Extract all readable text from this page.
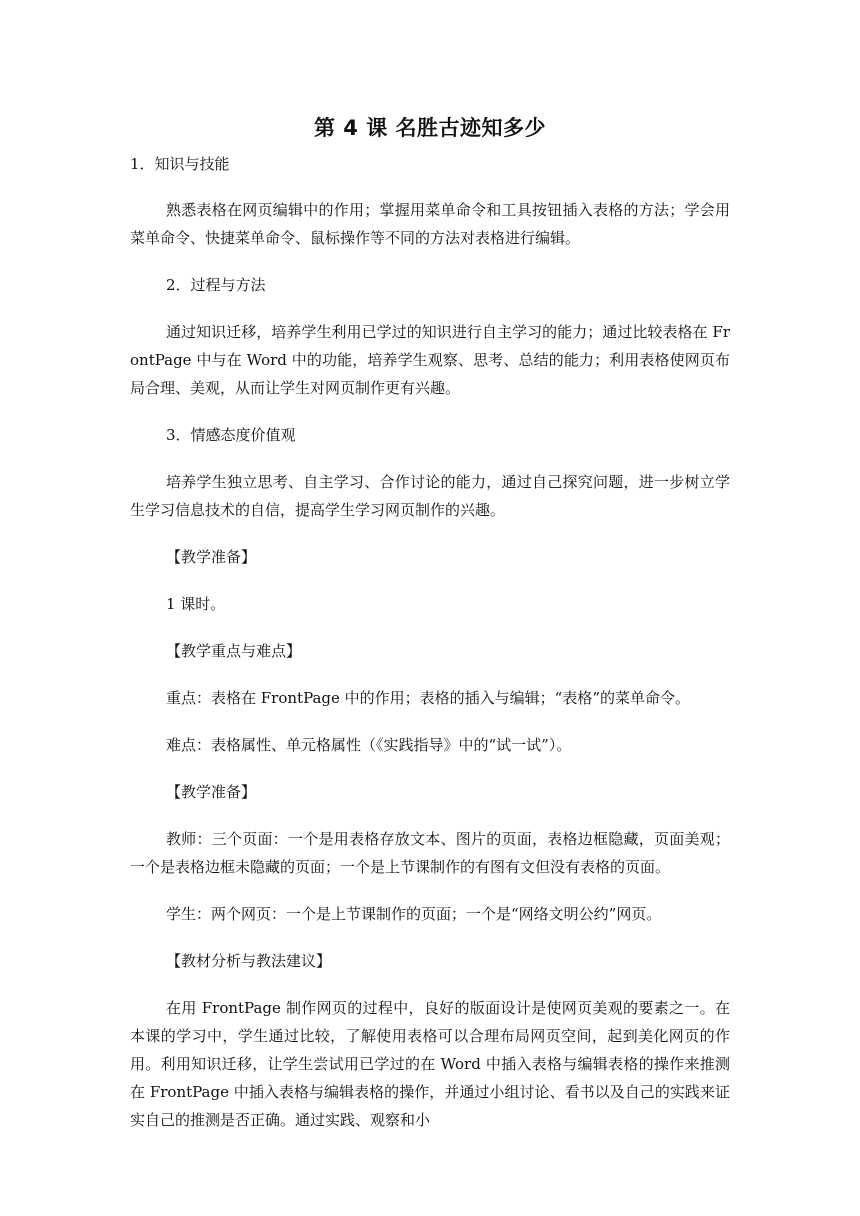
第 4 课 名胜古迹知多少

1．知识与技能

熟悉表格在网页编辑中的作用；掌握用菜单命令和工具按钮插入表格的方法；学会用菜单命令、快捷菜单命令、鼠标操作等不同的方法对表格进行编辑。

2．过程与方法

通过知识迁移，培养学生利用已学过的知识进行自主学习的能力；通过比较表格在 FrontPage 中与在 Word 中的功能，培养学生观察、思考、总结的能力；利用表格使网页布局合理、美观，从而让学生对网页制作更有兴趣。

3．情感态度价值观

培养学生独立思考、自主学习、合作讨论的能力，通过自己探究问题，进一步树立学生学习信息技术的自信，提高学生学习网页制作的兴趣。

【教学准备】

1 课时。

【教学重点与难点】

重点：表格在 FrontPage 中的作用；表格的插入与编辑；“表格”的菜单命令。

难点：表格属性、单元格属性（《实践指导》中的“试一试”）。

【教学准备】

教师：三个页面：一个是用表格存放文本、图片的页面，表格边框隐藏，页面美观；一个是表格边框未隐藏的页面；一个是上节课制作的有图有文但没有表格的页面。

学生：两个网页：一个是上节课制作的页面；一个是“网络文明公约”网页。

【教材分析与教法建议】

在用 FrontPage 制作网页的过程中，良好的版面设计是使网页美观的要素之一。在本课的学习中，学生通过比较，了解使用表格可以合理布局网页空间，起到美化网页的作用。利用知识迁移，让学生尝试用已学过的在 Word 中插入表格与编辑表格的操作来推测在 FrontPage 中插入表格与编辑表格的操作，并通过小组讨论、看书以及自己的实践来证实自己的推测是否正确。通过实践、观察和小
